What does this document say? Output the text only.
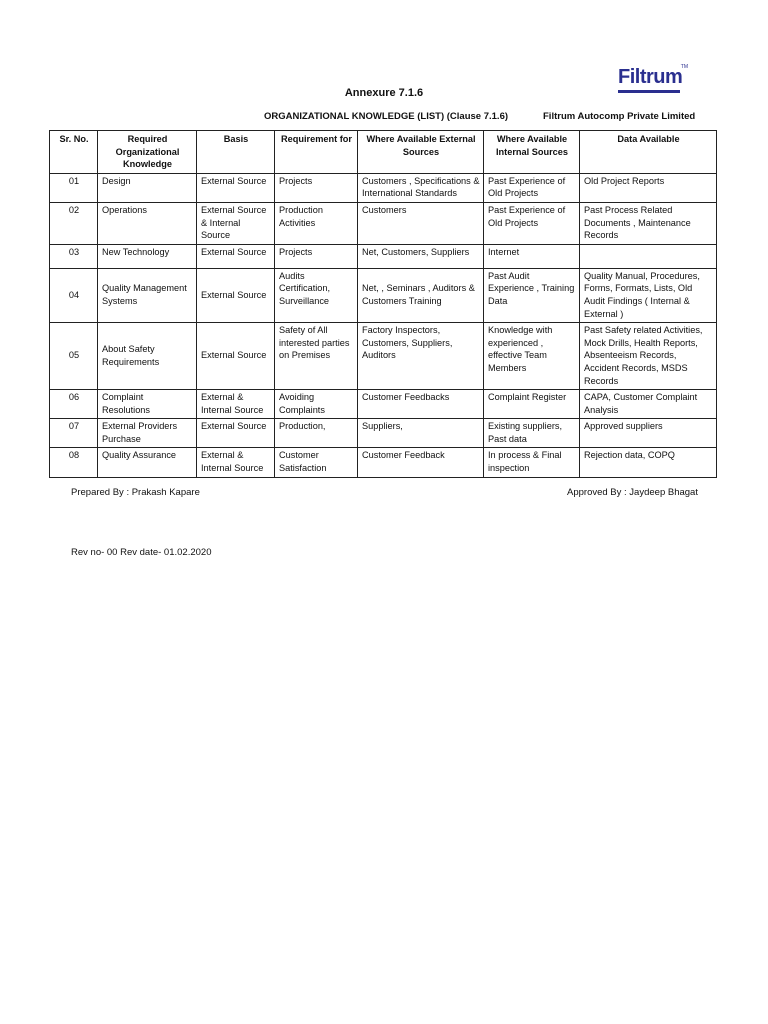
Annexure 7.1.6
Filtrum
TM
ORGANIZATIONAL KNOWLEDGE (LIST) (Clause 7.1.6)	Filtrum Autocomp Private Limited
Sr. No.	Required Organizational Knowledge	Basis	Requirement for	Where Available External Sources	Where Available Internal Sources	Data Available
01	Design	External Source	Projects	Customers , Specifications & International Standards	Past Experience of Old Projects	Old Project Reports
02	Operations	External Source & Internal Source	Production Activities	Customers	Past Experience of Old Projects	Past Process Related Documents , Maintenance Records
03	New Technology	External Source	Projects	Net, Customers, Suppliers	Internet	
04	Quality Management Systems	External Source	Audits Certification, Surveillance	Net, , Seminars , Auditors & Customers Training	Past Audit Experience , Training Data	Quality Manual, Procedures, Forms, Formats, Lists, Old Audit Findings ( Internal & External )
05	About Safety Requirements	External Source	Safety of All interested parties on Premises	Factory Inspectors, Customers, Suppliers, Auditors	Knowledge with experienced , effective Team Members	Past Safety related Activities, Mock Drills, Health Reports, Absenteeism Records, Accident Records, MSDS Records
06	Complaint Resolutions	External & Internal Source	Avoiding Complaints	Customer Feedbacks	Complaint Register	CAPA, Customer Complaint Analysis
07	External Providers Purchase	External Source	Production,	Suppliers,	Existing suppliers, Past data	Approved suppliers
08	Quality Assurance	External & Internal Source	Customer Satisfaction	Customer Feedback	In process & Final inspection	Rejection data, COPQ
Prepared By : Prakash Kapare	Approved By : Jaydeep Bhagat
Rev no- 00 Rev date- 01.02.2020
